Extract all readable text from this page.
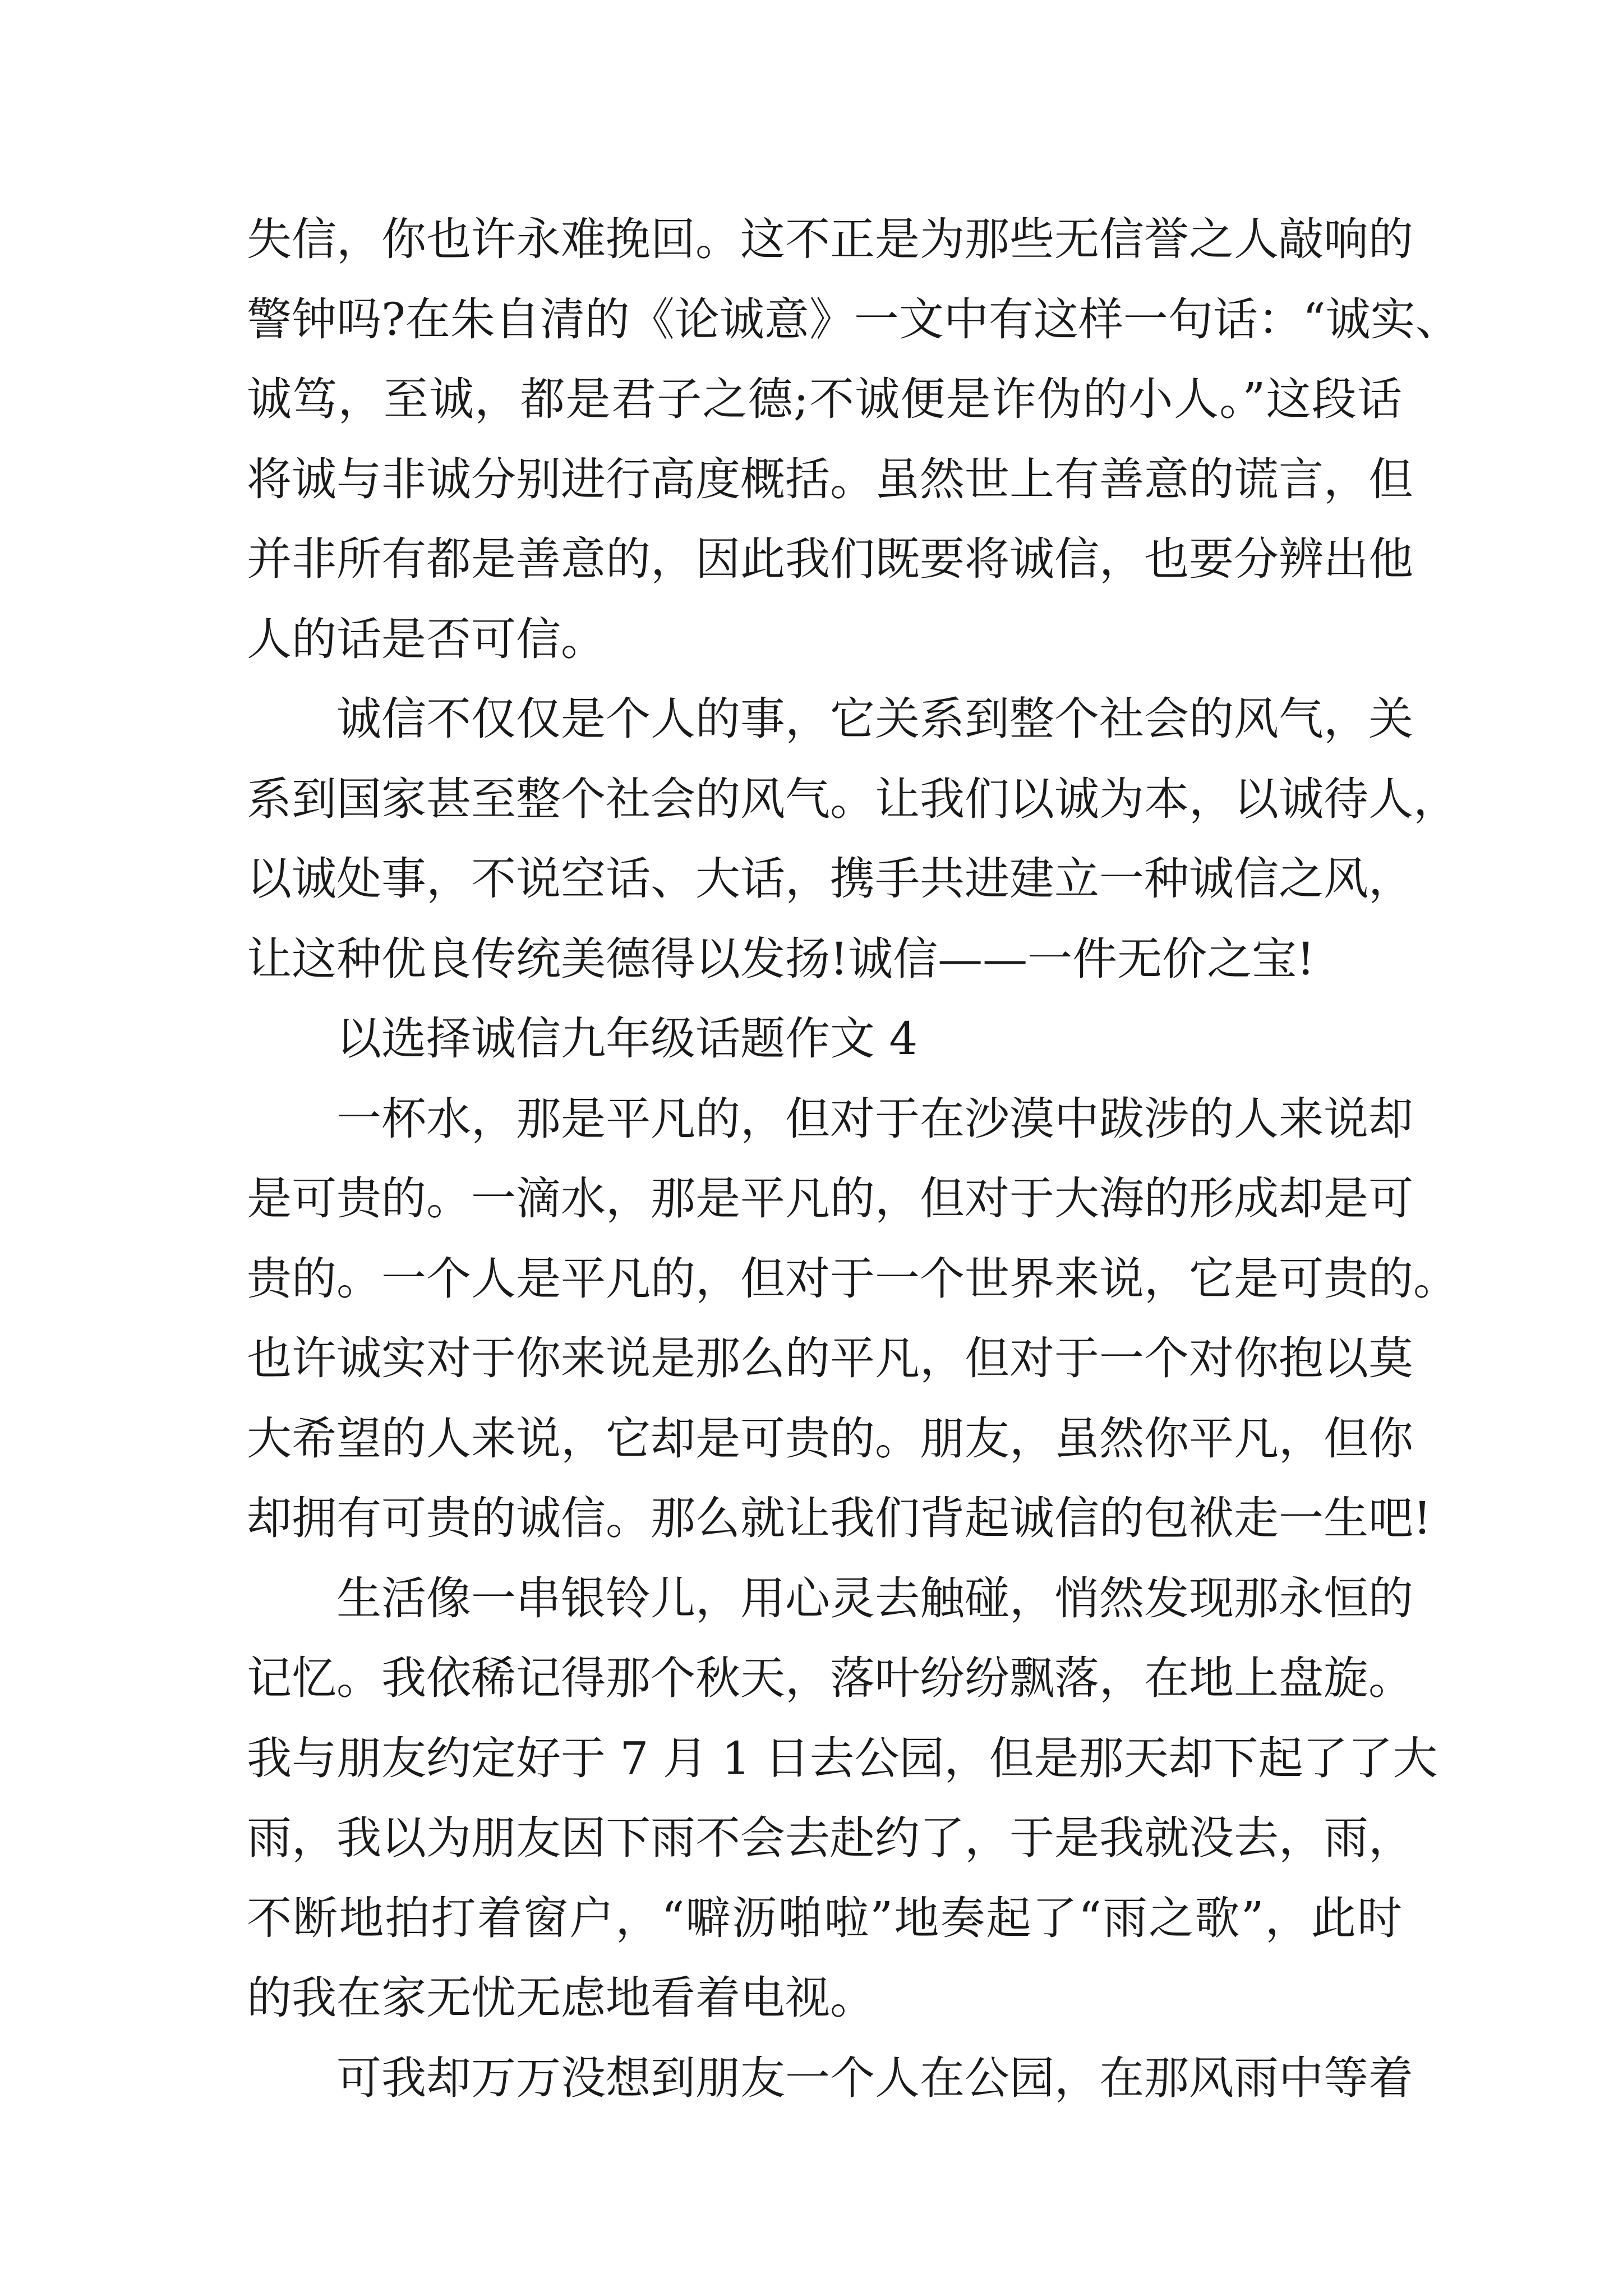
失信，你也许永难挽回。这不正是为那些无信誉之人敲响的
警钟吗?在朱自清的《论诚意》一文中有这样一句话：“诚实、
诚笃，至诚，都是君子之德;不诚便是诈伪的小人。”这段话
将诚与非诚分别进行高度概括。虽然世上有善意的谎言，但
并非所有都是善意的，因此我们既要将诚信，也要分辨出他
人的话是否可信。
诚信不仅仅是个人的事，它关系到整个社会的风气，关
系到国家甚至整个社会的风气。让我们以诚为本，以诚待人，
以诚处事，不说空话、大话，携手共进建立一种诚信之风，
让这种优良传统美德得以发扬!诚信——一件无价之宝!
以选择诚信九年级话题作文 4
一杯水，那是平凡的，但对于在沙漠中跋涉的人来说却
是可贵的。一滴水，那是平凡的，但对于大海的形成却是可
贵的。一个人是平凡的，但对于一个世界来说，它是可贵的。
也许诚实对于你来说是那么的平凡，但对于一个对你抱以莫
大希望的人来说，它却是可贵的。朋友，虽然你平凡，但你
却拥有可贵的诚信。那么就让我们背起诚信的包袱走一生吧!
生活像一串银铃儿，用心灵去触碰，悄然发现那永恒的
记忆。我依稀记得那个秋天，落叶纷纷飘落，在地上盘旋。
我与朋友约定好于 7 月 1 日去公园，但是那天却下起了了大
雨，我以为朋友因下雨不会去赴约了，于是我就没去，雨，
不断地拍打着窗户，“噼沥啪啦”地奏起了“雨之歌”，此时
的我在家无忧无虑地看着电视。
可我却万万没想到朋友一个人在公园，在那风雨中等着
